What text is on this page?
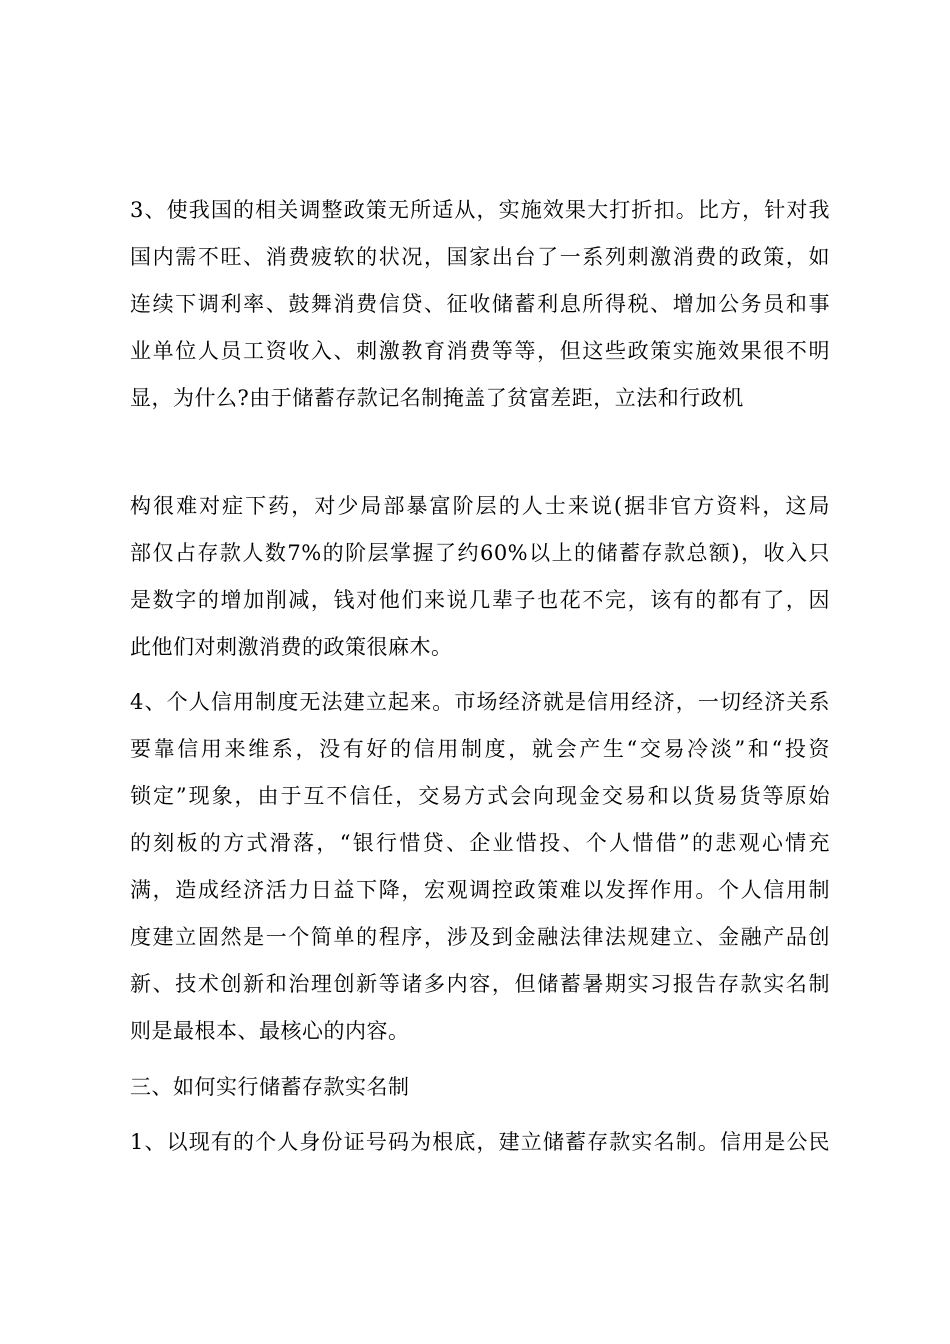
3、使我国的相关调整政策无所适从，实施效果大打折扣。比方，针对我
国内需不旺、消费疲软的状况，国家出台了一系列刺激消费的政策，如
连续下调利率、鼓舞消费信贷、征收储蓄利息所得税、增加公务员和事
业单位人员工资收入、刺激教育消费等等，但这些政策实施效果很不明
显，为什么?由于储蓄存款记名制掩盖了贫富差距，立法和行政机
构很难对症下药，对少局部暴富阶层的人士来说(据非官方资料，这局
部仅占存款人数7%的阶层掌握了约60%以上的储蓄存款总额)，收入只
是数字的增加削减，钱对他们来说几辈子也花不完，该有的都有了，因
此他们对刺激消费的政策很麻木。
4、个人信用制度无法建立起来。市场经济就是信用经济，一切经济关系
要靠信用来维系，没有好的信用制度，就会产生“交易冷淡”和“投资
锁定”现象，由于互不信任，交易方式会向现金交易和以货易货等原始
的刻板的方式滑落，“银行惜贷、企业惜投、个人惜借”的悲观心情充
满，造成经济活力日益下降，宏观调控政策难以发挥作用。个人信用制
度建立固然是一个简单的程序，涉及到金融法律法规建立、金融产品创
新、技术创新和治理创新等诸多内容，但储蓄暑期实习报告存款实名制
则是最根本、最核心的内容。
三、如何实行储蓄存款实名制
1、以现有的个人身份证号码为根底，建立储蓄存款实名制。信用是公民
